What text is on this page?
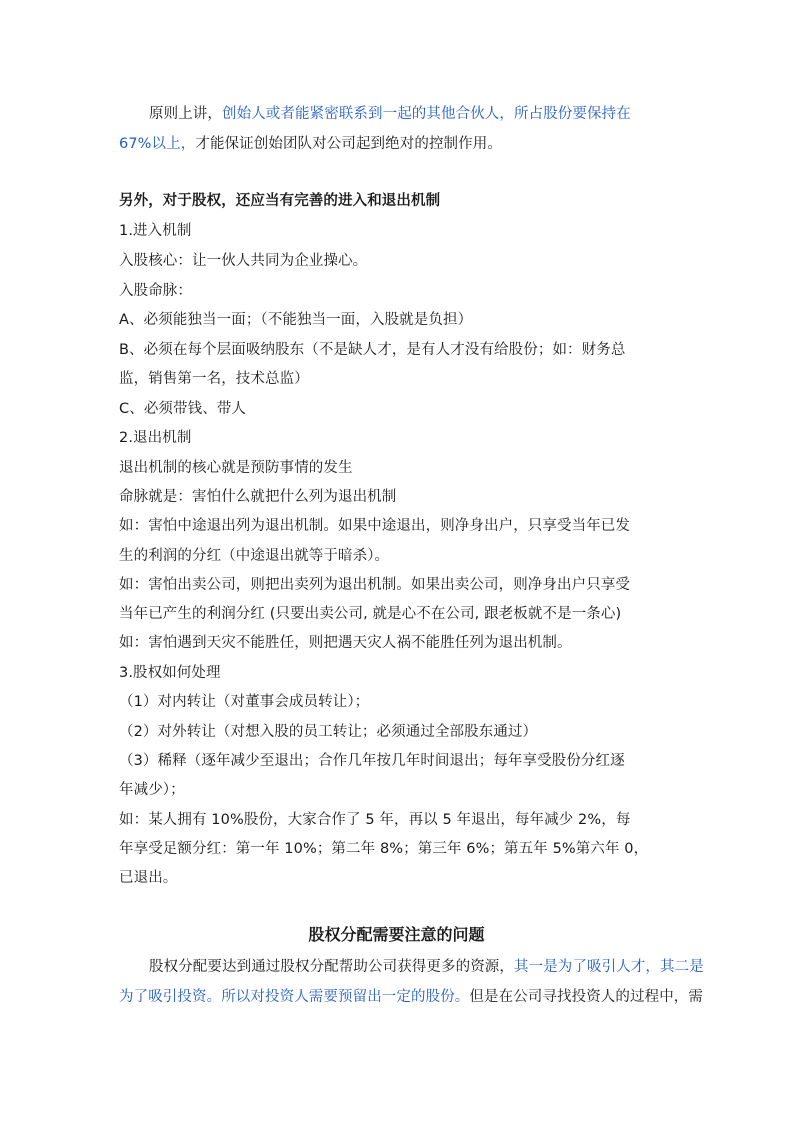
原则上讲，创始人或者能紧密联系到一起的其他合伙人，所占股份要保持在
67%以上，才能保证创始团队对公司起到绝对的控制作用。
另外，对于股权，还应当有完善的进入和退出机制
1.进入机制
入股核心：让一伙人共同为企业操心。
入股命脉：
A、必须能独当一面；（不能独当一面，入股就是负担）
B、必须在每个层面吸纳股东（不是缺人才，是有人才没有给股份；如：财务总
监，销售第一名，技术总监）
C、必须带钱、带人
2.退出机制
退出机制的核心就是预防事情的发生
命脉就是：害怕什么就把什么列为退出机制
如：害怕中途退出列为退出机制。如果中途退出，则净身出户，只享受当年已发
生的利润的分红（中途退出就等于暗杀）。
如：害怕出卖公司，则把出卖列为退出机制。如果出卖公司，则净身出户只享受
当年已产生的利润分红 (只要出卖公司, 就是心不在公司, 跟老板就不是一条心)
如：害怕遇到天灾不能胜任，则把遇天灾人祸不能胜任列为退出机制。
3.股权如何处理
（1）对内转让（对董事会成员转让）；
（2）对外转让（对想入股的员工转让；必须通过全部股东通过）
（3）稀释（逐年减少至退出；合作几年按几年时间退出；每年享受股份分红逐
年减少）；
如：某人拥有 10%股份，大家合作了 5 年，再以 5 年退出，每年减少 2%，每
年享受足额分红：第一年 10%；第二年 8%；第三年 6%；第五年 5%第六年 0，
已退出。
股权分配需要注意的问题
股权分配要达到通过股权分配帮助公司获得更多的资源，其一是为了吸引人才，其二是
为了吸引投资。所以对投资人需要预留出一定的股份。但是在公司寻找投资人的过程中，需
